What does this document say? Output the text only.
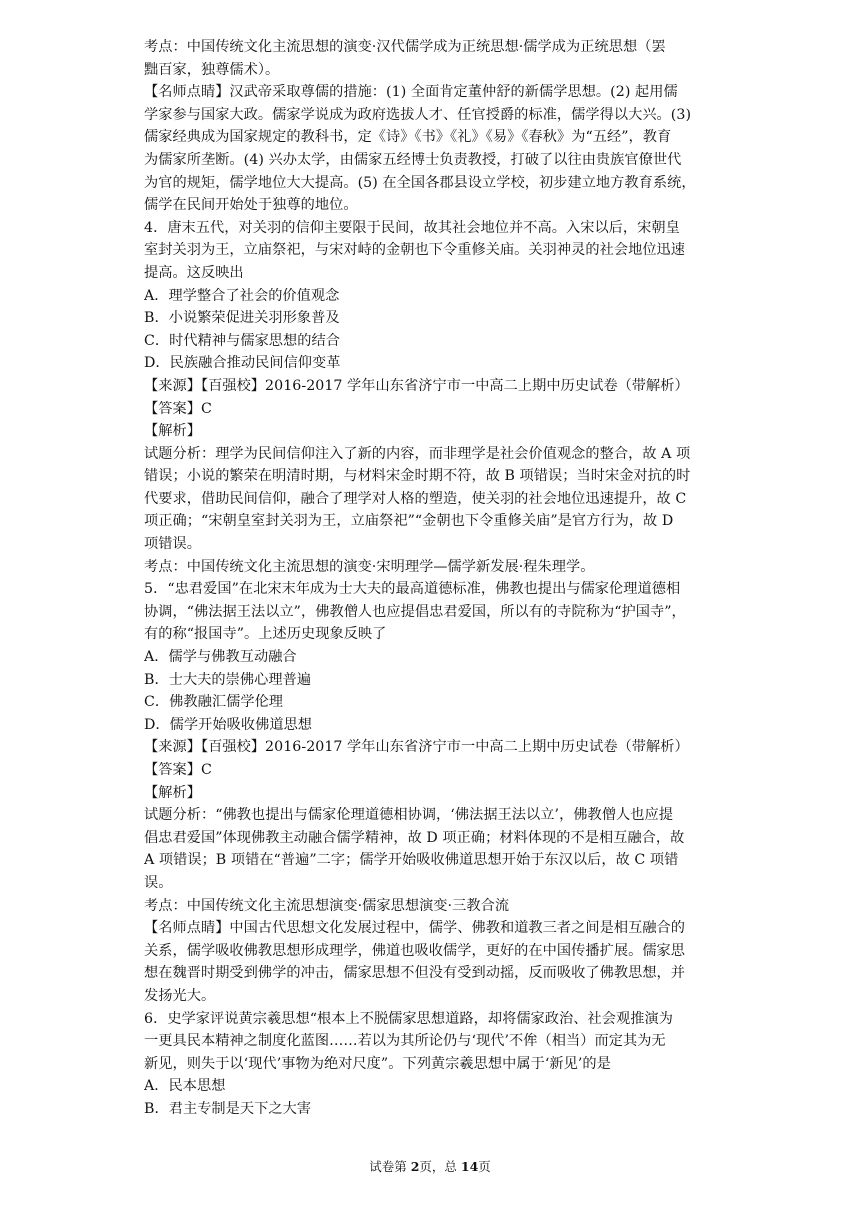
考点：中国传统文化主流思想的演变·汉代儒学成为正统思想·儒学成为正统思想（罢
黜百家，独尊儒术）。
【名师点睛】汉武帝采取尊儒的措施：(1) 全面肯定董仲舒的新儒学思想。(2) 起用儒
学家参与国家大政。儒家学说成为政府选拔人才、任官授爵的标准，儒学得以大兴。(3)
儒家经典成为国家规定的教科书，定《诗》《书》《礼》《易》《春秋》为“五经”，教育
为儒家所垄断。(4) 兴办太学，由儒家五经博士负责教授，打破了以往由贵族官僚世代
为官的规矩，儒学地位大大提高。(5) 在全国各郡县设立学校，初步建立地方教育系统，
儒学在民间开始处于独尊的地位。
4．唐末五代，对关羽的信仰主要限于民间，故其社会地位并不高。入宋以后，宋朝皇
室封关羽为王，立庙祭祀，与宋对峙的金朝也下令重修关庙。关羽神灵的社会地位迅速
提高。这反映出
A．理学整合了社会的价值观念
B．小说繁荣促进关羽形象普及
C．时代精神与儒家思想的结合
D．民族融合推动民间信仰变革
【来源】【百强校】2016-2017 学年山东省济宁市一中高二上期中历史试卷（带解析）
【答案】C
【解析】
试题分析：理学为民间信仰注入了新的内容，而非理学是社会价值观念的整合，故 A 项
错误；小说的繁荣在明清时期，与材料宋金时期不符，故 B 项错误；当时宋金对抗的时
代要求，借助民间信仰，融合了理学对人格的塑造，使关羽的社会地位迅速提升，故 C
项正确；“宋朝皇室封关羽为王，立庙祭祀”“金朝也下令重修关庙”是官方行为，故 D
项错误。
考点：中国传统文化主流思想的演变·宋明理学—儒学新发展·程朱理学。
5．“忠君爱国”在北宋末年成为士大夫的最高道德标准，佛教也提出与儒家伦理道德相
协调，“佛法据王法以立”，佛教僧人也应提倡忠君爱国，所以有的寺院称为“护国寺”，
有的称“报国寺”。上述历史现象反映了
A．儒学与佛教互动融合
B．士大夫的崇佛心理普遍
C．佛教融汇儒学伦理
D．儒学开始吸收佛道思想
【来源】【百强校】2016-2017 学年山东省济宁市一中高二上期中历史试卷（带解析）
【答案】C
【解析】
试题分析：“佛教也提出与儒家伦理道德相协调，‘佛法据王法以立’，佛教僧人也应提
倡忠君爱国”体现佛教主动融合儒学精神，故 D 项正确；材料体现的不是相互融合，故
A 项错误；B 项错在“普遍”二字；儒学开始吸收佛道思想开始于东汉以后，故 C 项错
误。
考点：中国传统文化主流思想演变·儒家思想演变·三教合流
【名师点睛】中国古代思想文化发展过程中，儒学、佛教和道教三者之间是相互融合的
关系，儒学吸收佛教思想形成理学，佛道也吸收儒学，更好的在中国传播扩展。儒家思
想在魏晋时期受到佛学的冲击，儒家思想不但没有受到动摇，反而吸收了佛教思想，并
发扬光大。
6．史学家评说黄宗羲思想“根本上不脱儒家思想道路，却将儒家政治、社会观推演为
一更具民本精神之制度化蓝图……若以为其所论仍与‘现代’不侔（相当）而定其为无
新见，则失于以‘现代’事物为绝对尺度”。下列黄宗羲思想中属于‘新见’的是
A．民本思想
B．君主专制是天下之大害
试卷第 2页，总 14页
